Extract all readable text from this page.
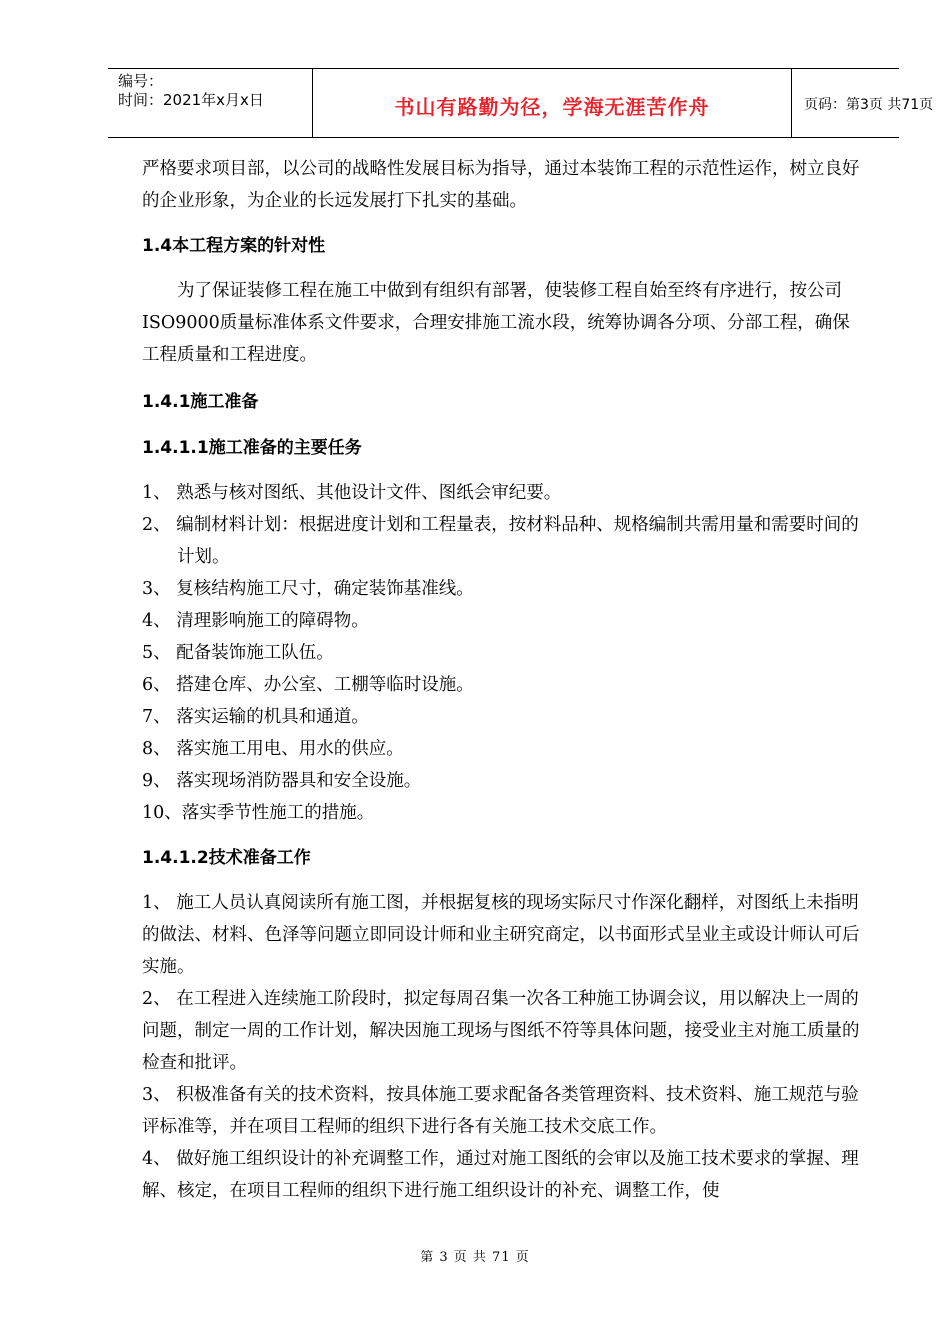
编号：
时间：2021年x月x日	书山有路勤为径，学海无涯苦作舟	页码：第3页 共71页

严格要求项目部，以公司的战略性发展目标为指导，通过本装饰工程的示范性运作，树立良好的企业形象，为企业的长远发展打下扎实的基础。

1.4本工程方案的针对性

为了保证装修工程在施工中做到有组织有部署，使装修工程自始至终有序进行，按公司ISO9000质量标准体系文件要求，合理安排施工流水段，统筹协调各分项、分部工程，确保工程质量和工程进度。

1.4.1施工准备
1.4.1.1施工准备的主要任务

1、 熟悉与核对图纸、其他设计文件、图纸会审纪要。

2、 编制材料计划：根据进度计划和工程量表，按材料品种、规格编制共需用量和需要时间的计划。

3、 复核结构施工尺寸，确定装饰基准线。

4、 清理影响施工的障碍物。

5、 配备装饰施工队伍。

6、 搭建仓库、办公室、工棚等临时设施。

7、 落实运输的机具和通道。

8、 落实施工用电、用水的供应。

9、 落实现场消防器具和安全设施。

10、落实季节性施工的措施。

1.4.1.2技术准备工作

1、 施工人员认真阅读所有施工图，并根据复核的现场实际尺寸作深化翻样，对图纸上未指明的做法、材料、色泽等问题立即同设计师和业主研究商定，以书面形式呈业主或设计师认可后实施。

2、 在工程进入连续施工阶段时，拟定每周召集一次各工种施工协调会议，用以解决上一周的问题，制定一周的工作计划，解决因施工现场与图纸不符等具体问题，接受业主对施工质量的检查和批评。

3、 积极准备有关的技术资料，按具体施工要求配备各类管理资料、技术资料、施工规范与验评标准等，并在项目工程师的组织下进行各有关施工技术交底工作。

4、 做好施工组织设计的补充调整工作，通过对施工图纸的会审以及施工技术要求的掌握、理解、核定，在项目工程师的组织下进行施工组织设计的补充、调整工作，使

第 3 页 共 71 页
